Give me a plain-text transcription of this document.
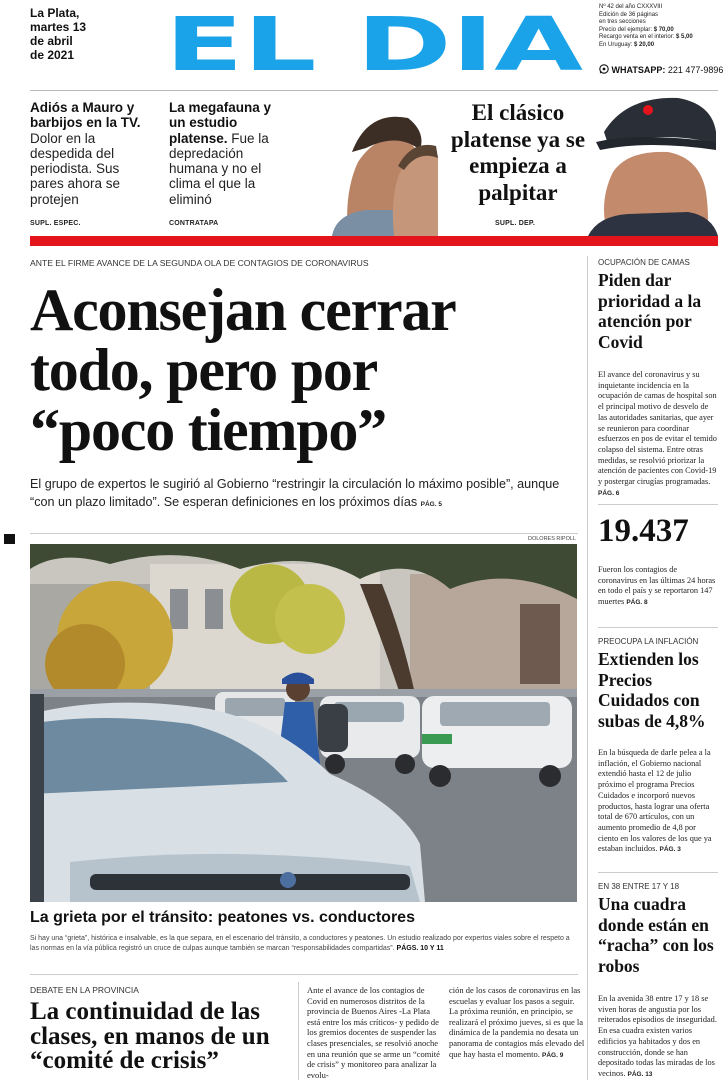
La Plata,
martes 13
de abril
de 2021	EL DIA	Nº 42 del año CXXXVIII
Edición de 36 páginas
en tres secciones
Precio del ejemplar: $ 70,00
Recargo venta en el interior: $ 5,00
En Uruguay: $ 20,00
WHATSAPP: 221 477-9896
Adiós a Mauro y barbijos en la TV. Dolor en la despedida del periodista. Sus pares ahora se protejen
SUPL. ESPEC.
La megafauna y un estudio platense. Fue la depredación humana y no el clima el que la eliminó
CONTRATAPA
El clásico platense ya se empieza a palpitar
SUPL. DEP.
ANTE EL FIRME AVANCE DE LA SEGUNDA OLA DE CONTAGIOS DE CORONAVIRUS
Aconsejan cerrar
todo, pero por
“poco tiempo”
El grupo de expertos le sugirió al Gobierno “restringir la circulación lo máximo posible”, aunque “con un plazo limitado”. Se esperan definiciones en los próximos días PÁG. 5
DOLORES RIPOLL
La grieta por el tránsito: peatones vs. conductores
Si hay una “grieta”, histórica e insalvable, es la que separa, en el escenario del tránsito, a conductores y peatones. Un estudio realizado por expertos viales sobre el respeto a las normas en la vía pública registró un cruce de culpas aunque también se marcan “responsabilidades compartidas”. PÁGS. 10 Y 11
DEBATE EN LA PROVINCIA
La continuidad de las clases, en manos de un “comité de crisis”
Ante el avance de los contagios de Covid en numerosos distritos de la provincia de Buenos Aires -La Plata está entre los más críticos- y pedido de los gremios docentes de suspender las clases presenciales, se resolvió anoche en una reunión que se arme un “comité de crisis” y monitoreo para analizar la evolu-
ción de los casos de coronavirus en las escuelas y evaluar los pasos a seguir. La próxima reunión, en principio, se realizará el próximo jueves, si es que la dinámica de la pandemia no desata un panorama de contagios más elevado del que hay hasta el momento. PÁG. 9
OCUPACIÓN DE CAMAS
Piden dar prioridad a la atención por Covid
El avance del coronavirus y su inquietante incidencia en la ocupación de camas de hospital son el principal motivo de desvelo de las autoridades sanitarias, que ayer se reunieron para coordinar esfuerzos en pos de evitar el temido colapso del sistema. Entre otras medidas, se resolvió priorizar la atención de pacientes con Covid-19 y postergar cirugías programadas. PÁG. 6
19.437
Fueron los contagios de coronavirus en las últimas 24 horas en todo el país y se reportaron 147 muertes PÁG. 8
PREOCUPA LA INFLACIÓN
Extienden los Precios Cuidados con subas de 4,8%
En la búsqueda de darle pelea a la inflación, el Gobierno nacional extendió hasta el 12 de julio próximo el programa Precios Cuidados e incorporó nuevos productos, hasta lograr una oferta total de 670 artículos, con un aumento promedio de 4,8 por ciento en los valores de los que ya estaban incluidos. PÁG. 3
EN 38 ENTRE 17 Y 18
Una cuadra donde están en “racha” con los robos
En la avenida 38 entre 17 y 18 se viven horas de angustia por los reiterados episodios de inseguridad. En esa cuadra existen varios edificios ya habitados y dos en construcción, donde se han depositado todas las miradas de los vecinos. PÁG. 13
